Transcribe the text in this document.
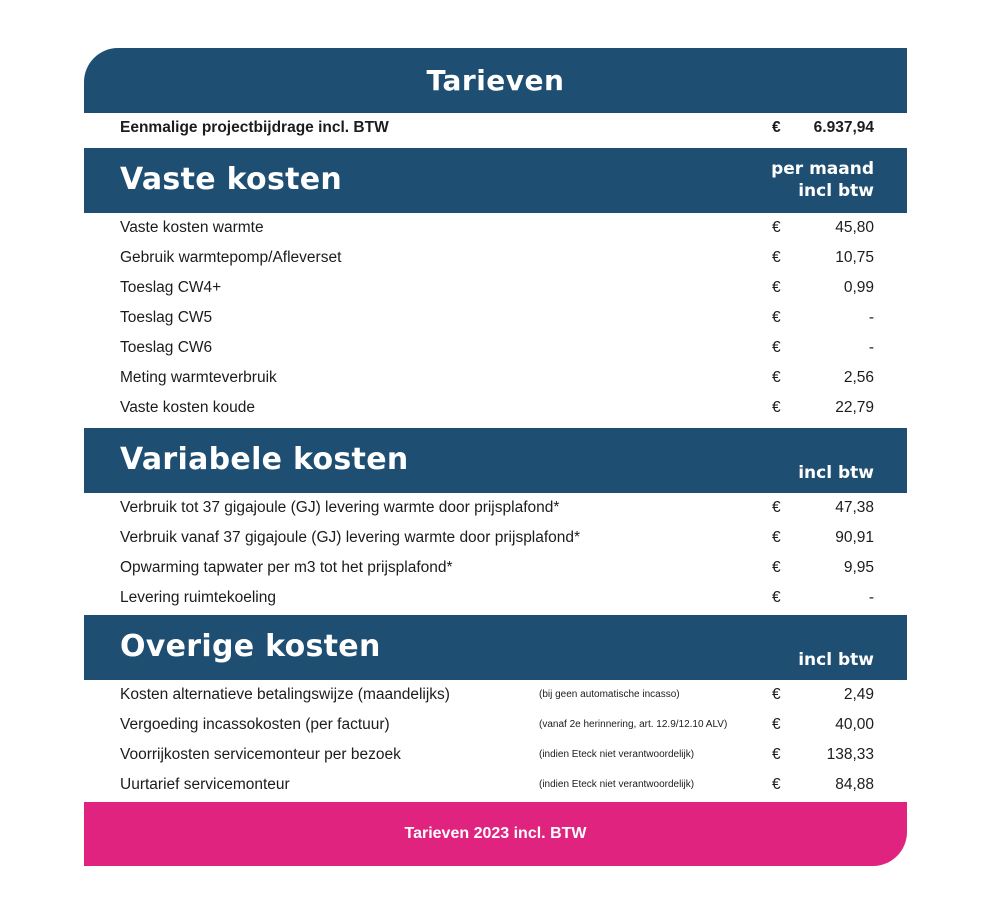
Tarieven
Eenmalige projectbijdrage incl. BTW	€ 6.937,94
Vaste kosten	per maand
incl btw
Vaste kosten warmte	€	45,80
Gebruik warmtepomp/Afleverset	€	10,75
Toeslag CW4+	€	0,99
Toeslag CW5	€	-
Toeslag CW6	€	-
Meting warmteverbruik	€	2,56
Vaste kosten koude	€	22,79
Variabele kosten	incl btw
Verbruik tot 37 gigajoule (GJ) levering warmte door prijsplafond*	€	47,38
Verbruik vanaf 37 gigajoule (GJ) levering warmte door prijsplafond*	€	90,91
Opwarming tapwater per m3 tot het prijsplafond*	€	9,95
Levering ruimtekoeling	€	-
Overige kosten	incl btw
Kosten alternatieve betalingswijze (maandelijks)	(bij geen automatische incasso)	€	2,49
Vergoeding incassokosten (per factuur)	(vanaf 2e herinnering, art. 12.9/12.10 ALV)	€	40,00
Voorrijkosten servicemonteur per bezoek	(indien Eteck niet verantwoordelijk)	€	138,33
Uurtarief servicemonteur	(indien Eteck niet verantwoordelijk)	€	84,88
Tarieven 2023 incl. BTW
